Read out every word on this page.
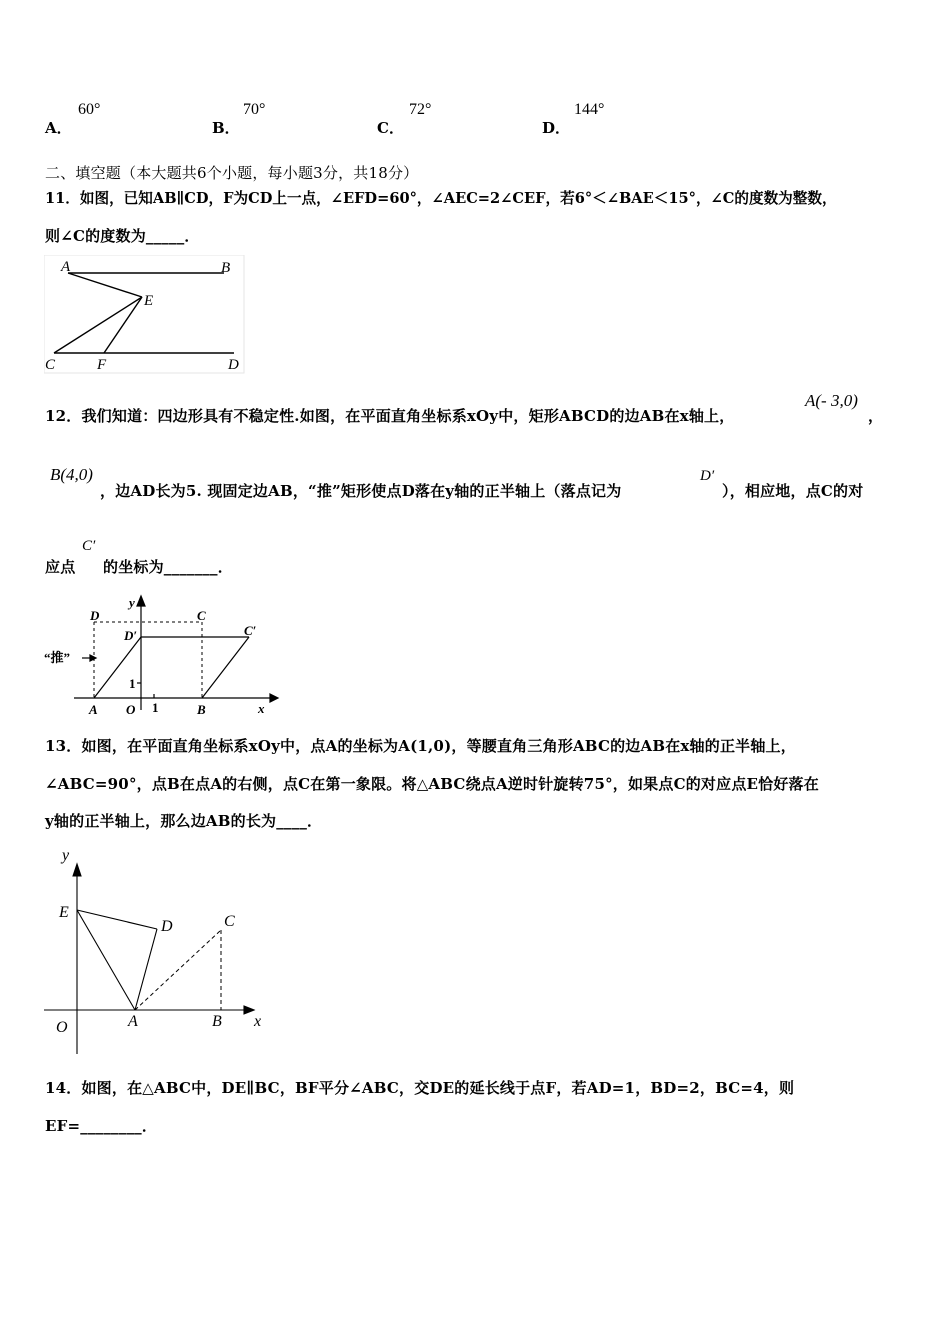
A．
60°
B．
70°
C．
72°
D．
144°
二、填空题（本大题共6个小题，每小题3分，共18分）
11．如图，已知AB∥CD，F为CD上一点，∠EFD=60°，∠AEC=2∠CEF，若6°＜∠BAE＜15°，∠C的度数为整数，
则∠C的度数为_____．
A	B
E
C	F	D
12．我们知道：四边形具有不稳定性.如图，在平面直角坐标系xOy中，矩形ABCD的边AB在x轴上，
A(- 3,0)
，
B(4,0)
，边AD长为5. 现固定边AB，“推”矩形使点D落在y轴的正半轴上（落点记为
D′
），相应地，点C的对
应点
C′
的坐标为_______．
D	C
D′	C′
y
x
A O	B
“推”
1
1
13．如图，在平面直角坐标系xOy中，点A的坐标为A(1,0)，等腰直角三角形ABC的边AB在x轴的正半轴上，
∠ABC=90°，点B在点A的右侧，点C在第一象限。将△ABC绕点A逆时针旋转75°，如果点C的对应点E恰好落在
y轴的正半轴上，那么边AB的长为____．
y
E
D	C
O	A	B x
14．如图，在△ABC中，DE∥BC，BF平分∠ABC，交DE的延长线于点F，若AD=1，BD=2，BC=4，则
EF=________．
